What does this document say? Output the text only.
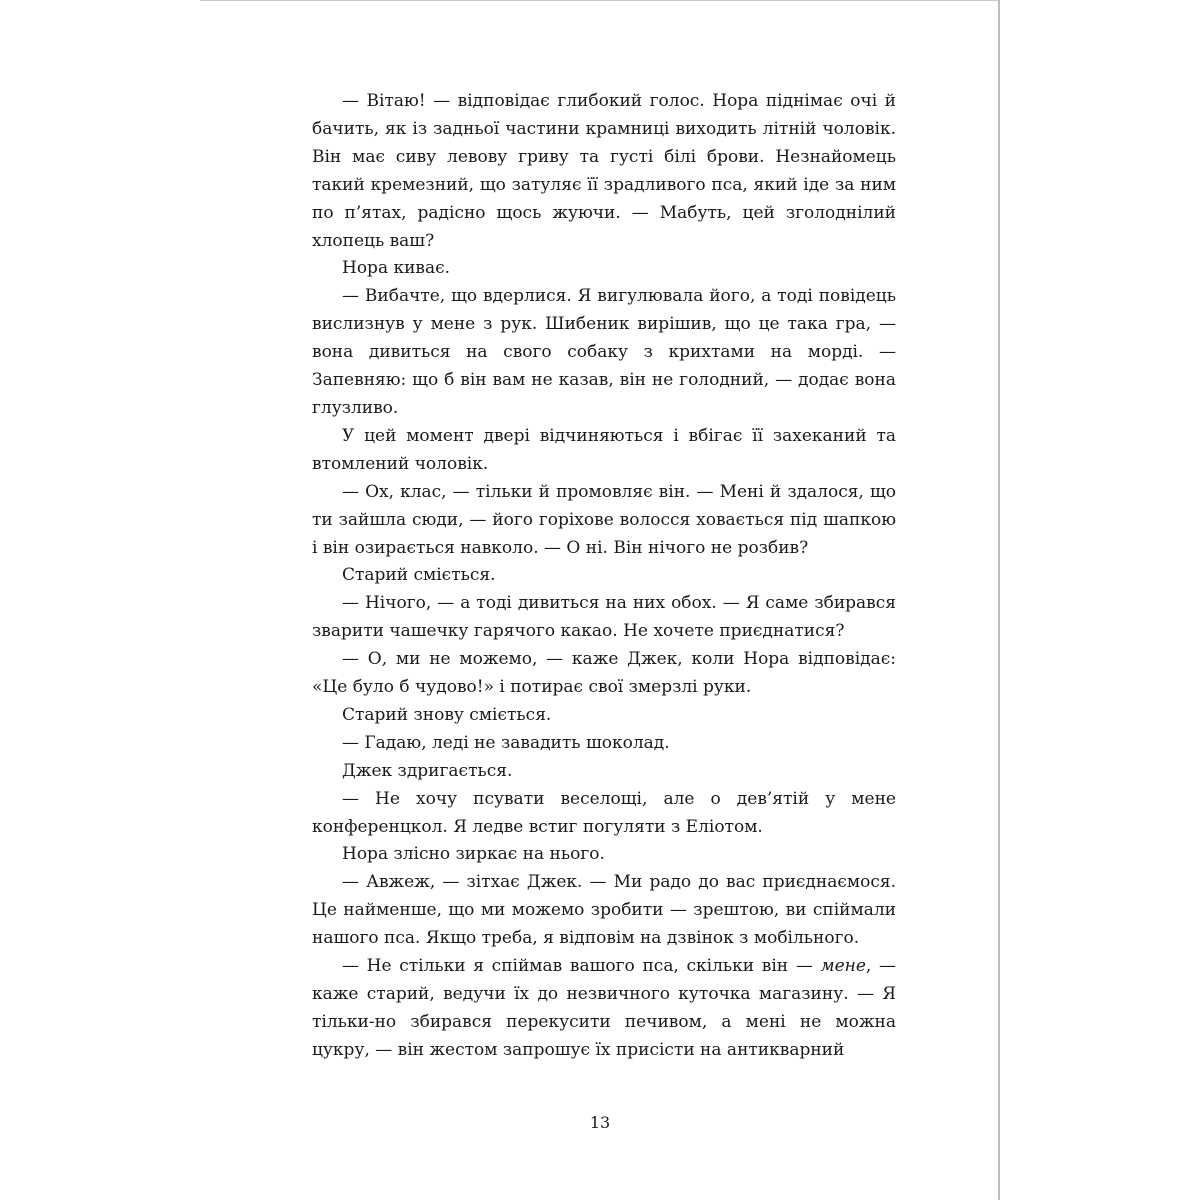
— Вітаю! — відповідає глибокий голос. Нора піднімає очі й бачить, як із задньої частини крамниці виходить літній чоловік. Він має сиву левову гриву та густі білі брови. Незнайомець такий кремезний, що затуляє її зрадливого пса, який іде за ним по п’ятах, радісно щось жуючи. — Мабуть, цей зголоднілий хлопець ваш?

Нора киває.

— Вибачте, що вдерлися. Я вигулювала його, а тоді повідець вислизнув у мене з рук. Шибеник вирішив, що це така гра, — вона дивиться на свого собаку з крихтами на морді. — Запевняю: що б він вам не казав, він не голодний, — додає вона глузливо.

У цей момент двері відчиняються і вбігає її захеканий та втомлений чоловік.

— Ох, клас, — тільки й промовляє він. — Мені й здалося, що ти зайшла сюди, — його горіхове волосся ховається під шапкою і він озирається навколо. — О ні. Він нічого не розбив?

Старий сміється.

— Нічого, — а тоді дивиться на них обох. — Я саме збирався зварити чашечку гарячого какао. Не хочете приєднатися?

— О, ми не можемо, — каже Джек, коли Нора відповідає: «Це було б чудово!» і потирає свої змерзлі руки.

Старий знову сміється.

— Гадаю, леді не завадить шоколад.

Джек здригається.

— Не хочу псувати веселощі, але о дев’ятій у мене конференцкол. Я ледве встиг погуляти з Еліотом.

Нора злісно зиркає на нього.

— Авжеж, — зітхає Джек. — Ми радо до вас приєднаємося. Це найменше, що ми можемо зробити — зрештою, ви спіймали нашого пса. Якщо треба, я відповім на дзвінок з мобільного.

— Не стільки я спіймав вашого пса, скільки він — мене, — каже старий, ведучи їх до незвичного куточка магазину. — Я тільки-но збирався перекусити печивом, а мені не можна цукру, — він жестом запрошує їх присісти на антикварний

13
